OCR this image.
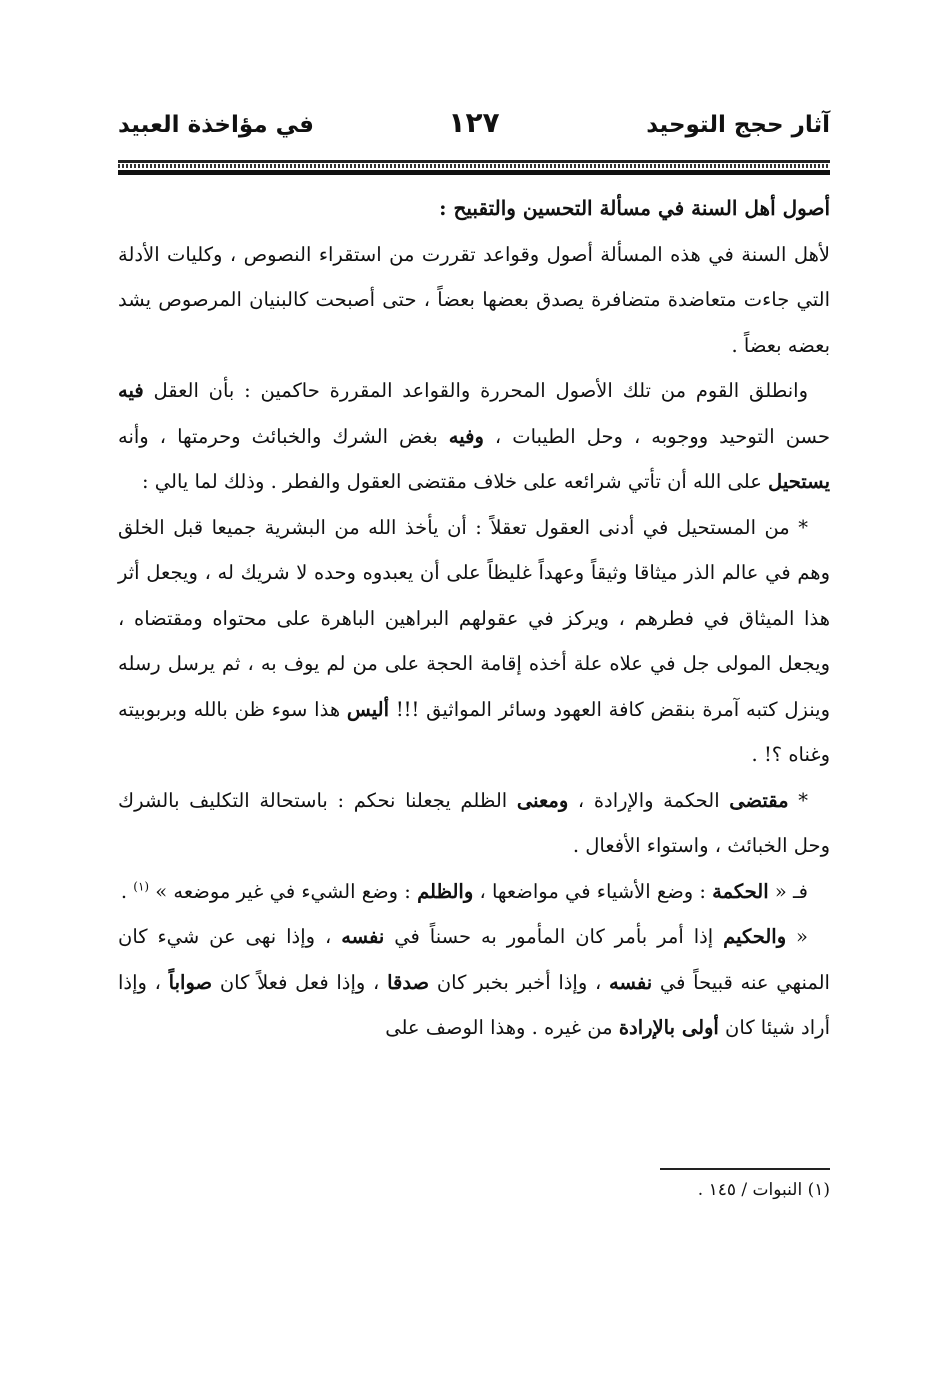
آثار حجج التوحيد
١٢٧
في مؤاخذة العبيد

أصول أهل السنة في مسألة التحسين والتقبيح :

لأهل السنة في هذه المسألة أصول وقواعد تقررت من استقراء النصوص ، وكليات الأدلة التي جاءت متعاضدة متضافرة يصدق بعضها بعضاً ، حتى أصبحت كالبنيان المرصوص يشد بعضه بعضاً .

وانطلق القوم من تلك الأصول المحررة والقواعد المقررة حاكمين : بأن العقل فيه حسن التوحيد ووجوبه ، وحل الطيبات ، وفيه بغض الشرك والخبائث وحرمتها ، وأنه يستحيل على الله أن تأتي شرائعه على خلاف مقتضى العقول والفطر . وذلك لما يالي :

* من المستحيل في أدنى العقول تعقلاً : أن يأخذ الله من البشرية جميعا قبل الخلق وهم في عالم الذر ميثاقا وثيقاً وعهداً غليظاً على أن يعبدوه وحده لا شريك له ، ويجعل أثر هذا الميثاق في فطرهم ، ويركز في عقولهم البراهين الباهرة على محتواه ومقتضاه ، ويجعل المولى جل في علاه علة أخذه إقامة الحجة على من لم يوف به ، ثم يرسل رسله وينزل كتبه آمرة بنقض كافة العهود وسائر المواثيق !!! أليس هذا سوء ظن بالله وبربوبيته وغناه ؟! .

* مقتضى الحكمة والإرادة ، ومعنى الظلم يجعلنا نحكم : باستحالة التكليف بالشرك وحل الخبائث ، واستواء الأفعال .

فـ « الحكمة : وضع الأشياء في مواضعها ، والظلم : وضع الشيء في غير موضعه » $^{(١)}$ .

« والحكيم إذا أمر بأمر كان المأمور به حسناً في نفسه ، وإذا نهى عن شيء كان المنهي عنه قبيحاً في نفسه ، وإذا أخبر بخبر كان صدقا ، وإذا فعل فعلاً كان صواباً ، وإذا أراد شيئا كان أولى بالإرادة من غيره . وهذا الوصف على

(١) النبوات / ١٤٥ .
